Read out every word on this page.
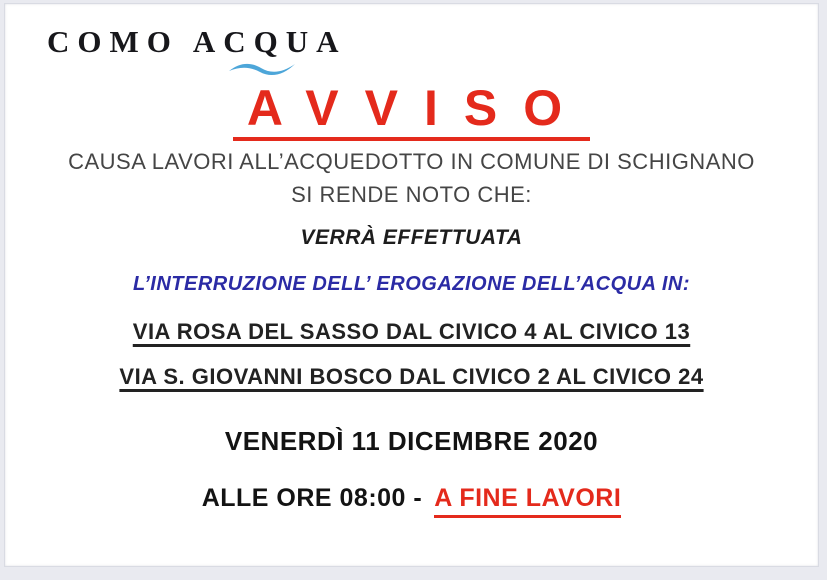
COMO ACQUA
AVVISO
CAUSA LAVORI ALL’ACQUEDOTTO IN COMUNE DI SCHIGNANO
SI RENDE NOTO CHE:
VERRÀ EFFETTUATA
L’INTERRUZIONE DELL’ EROGAZIONE DELL’ACQUA IN:
VIA ROSA DEL SASSO DAL CIVICO 4 AL CIVICO 13
VIA S. GIOVANNI BOSCO DAL CIVICO 2 AL CIVICO 24
VENERDÌ 11 DICEMBRE 2020
ALLE ORE 08:00 - A FINE LAVORI
